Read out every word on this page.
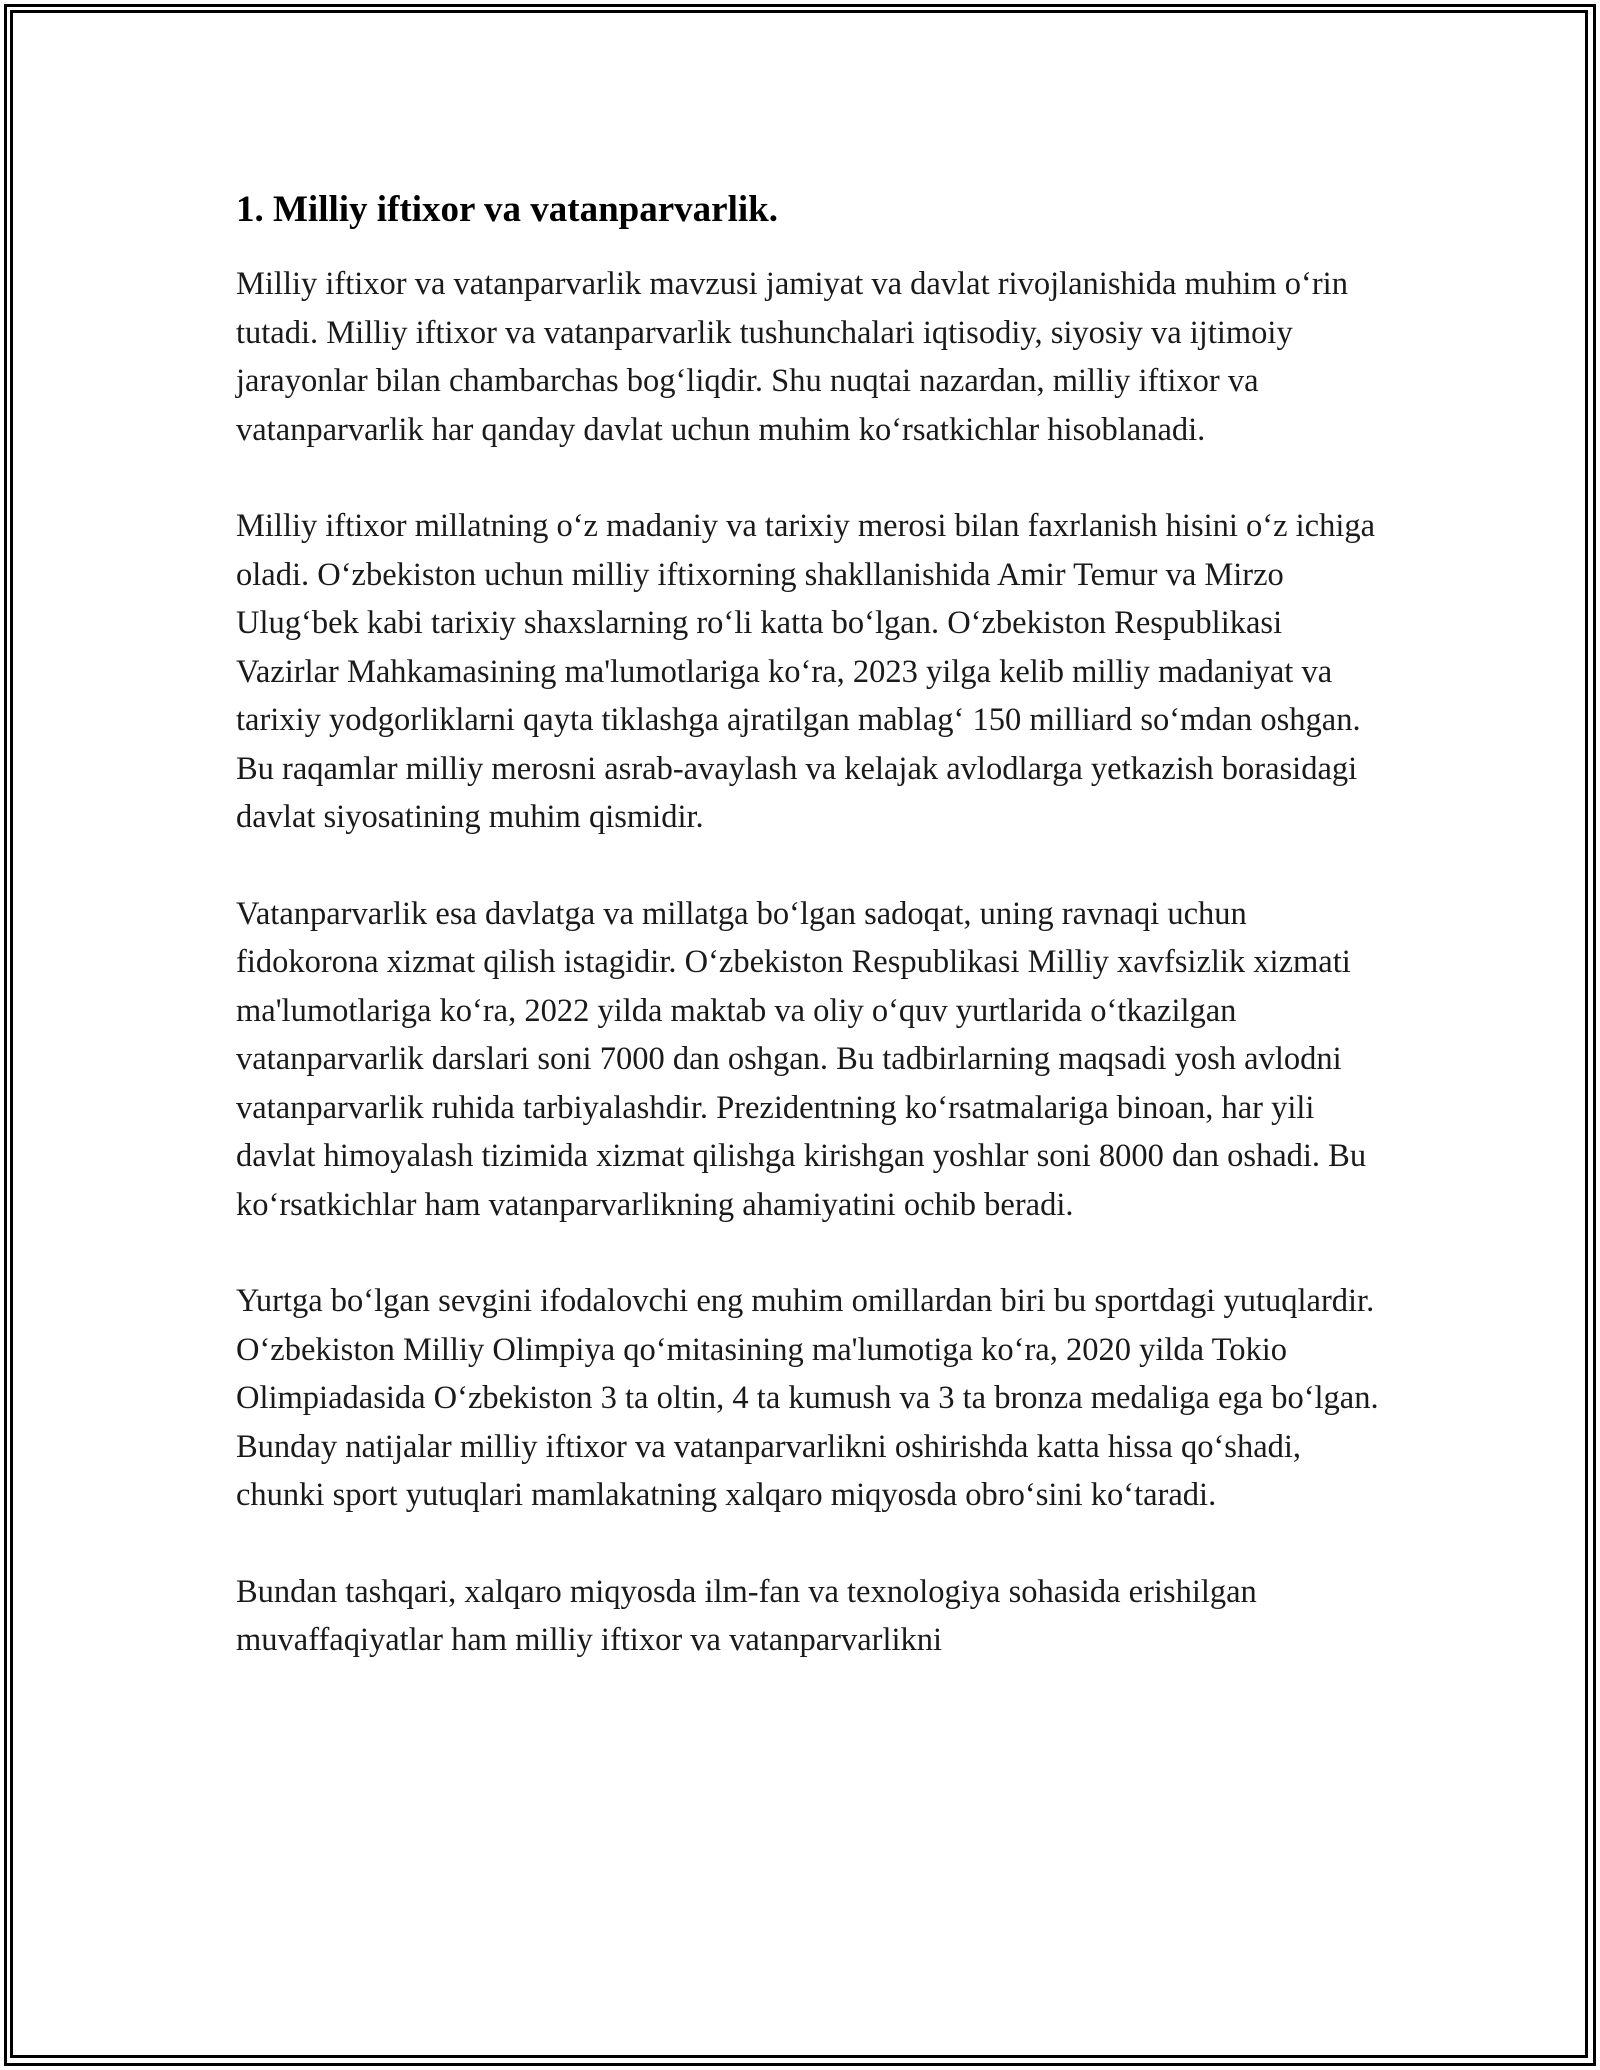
1. Milliy iftixor va vatanparvarlik.

Milliy iftixor va vatanparvarlik mavzusi jamiyat va davlat rivojlanishida muhim oʻrin tutadi. Milliy iftixor va vatanparvarlik tushunchalari iqtisodiy, siyosiy va ijtimoiy jarayonlar bilan chambarchas bogʻliqdir. Shu nuqtai nazardan, milliy iftixor va vatanparvarlik har qanday davlat uchun muhim koʻrsatkichlar hisoblanadi.

Milliy iftixor millatning oʻz madaniy va tarixiy merosi bilan faxrlanish hisini oʻz ichiga oladi. Oʻzbekiston uchun milliy iftixorning shakllanishida Amir Temur va Mirzo Ulugʻbek kabi tarixiy shaxslarning roʻli katta boʻlgan. Oʻzbekiston Respublikasi Vazirlar Mahkamasining ma'lumotlariga koʻra, 2023 yilga kelib milliy madaniyat va tarixiy yodgorliklarni qayta tiklashga ajratilgan mablagʻ 150 milliard soʻmdan oshgan. Bu raqamlar milliy merosni asrab-avaylash va kelajak avlodlarga yetkazish borasidagi davlat siyosatining muhim qismidir.

Vatanparvarlik esa davlatga va millatga boʻlgan sadoqat, uning ravnaqi uchun fidokorona xizmat qilish istagidir. Oʻzbekiston Respublikasi Milliy xavfsizlik xizmati ma'lumotlariga koʻra, 2022 yilda maktab va oliy oʻquv yurtlarida oʻtkazilgan vatanparvarlik darslari soni 7000 dan oshgan. Bu tadbirlarning maqsadi yosh avlodni vatanparvarlik ruhida tarbiyalashdir. Prezidentning koʻrsatmalariga binoan, har yili davlat himoyalash tizimida xizmat qilishga kirishgan yoshlar soni 8000 dan oshadi. Bu koʻrsatkichlar ham vatanparvarlikning ahamiyatini ochib beradi.

Yurtga boʻlgan sevgini ifodalovchi eng muhim omillardan biri bu sportdagi yutuqlardir. Oʻzbekiston Milliy Olimpiya qoʻmitasining ma'lumotiga koʻra, 2020 yilda Tokio Olimpiadasida Oʻzbekiston 3 ta oltin, 4 ta kumush va 3 ta bronza medaliga ega boʻlgan. Bunday natijalar milliy iftixor va vatanparvarlikni oshirishda katta hissa qoʻshadi, chunki sport yutuqlari mamlakatning xalqaro miqyosda obroʻsini koʻtaradi.

Bundan tashqari, xalqaro miqyosda ilm-fan va texnologiya sohasida erishilgan muvaffaqiyatlar ham milliy iftixor va vatanparvarlikni
